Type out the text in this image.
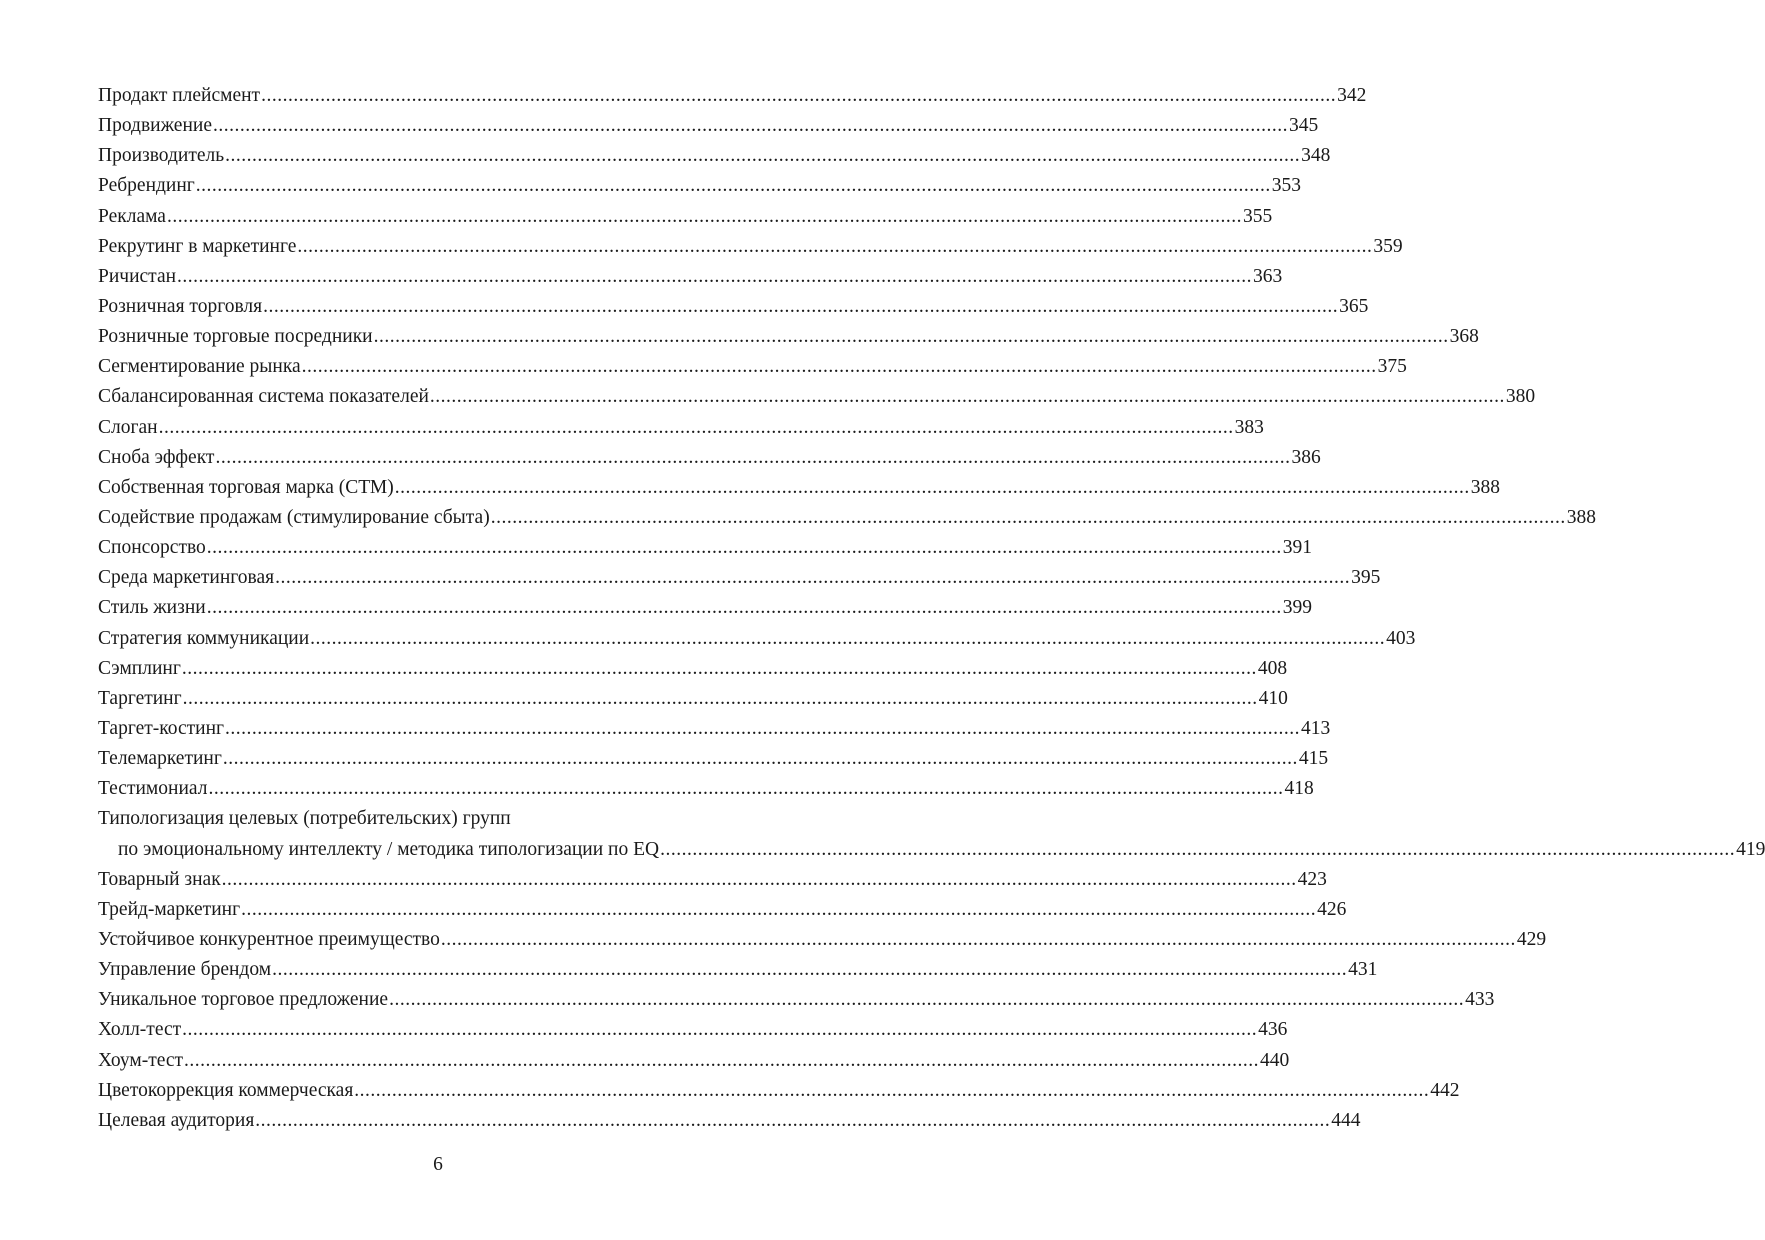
Продакт плейсмент ........................................................................................................................................................................................................ 342
Продвижение ........................................................................................................................................................................................................ 345
Производитель ........................................................................................................................................................................................................ 348
Ребрендинг ........................................................................................................................................................................................................ 353
Реклама ........................................................................................................................................................................................................ 355
Рекрутинг в маркетинге ........................................................................................................................................................................................................ 359
Ричистан ........................................................................................................................................................................................................ 363
Розничная торговля ........................................................................................................................................................................................................ 365
Розничные торговые посредники ........................................................................................................................................................................................................ 368
Сегментирование рынка ........................................................................................................................................................................................................ 375
Сбалансированная система показателей ........................................................................................................................................................................................................ 380
Слоган ........................................................................................................................................................................................................ 383
Сноба эффект ........................................................................................................................................................................................................ 386
Собственная торговая марка (СТМ) ........................................................................................................................................................................................................ 388
Содействие продажам (стимулирование сбыта) ........................................................................................................................................................................................................ 388
Спонсорство ........................................................................................................................................................................................................ 391
Среда маркетинговая ........................................................................................................................................................................................................ 395
Стиль жизни ........................................................................................................................................................................................................ 399
Стратегия коммуникации ........................................................................................................................................................................................................ 403
Сэмплинг ........................................................................................................................................................................................................ 408
Таргетинг ........................................................................................................................................................................................................ 410
Таргет-костинг ........................................................................................................................................................................................................ 413
Телемаркетинг ........................................................................................................................................................................................................ 415
Тестимониал ........................................................................................................................................................................................................ 418
Типологизация целевых (потребительских) групп
по эмоциональному интеллекту / методика типологизации по EQ ........................................................................................................................................................................................................ 419
Товарный знак ........................................................................................................................................................................................................ 423
Трейд-маркетинг ........................................................................................................................................................................................................ 426
Устойчивое конкурентное преимущество ........................................................................................................................................................................................................ 429
Управление брендом ........................................................................................................................................................................................................ 431
Уникальное торговое предложение ........................................................................................................................................................................................................ 433
Холл-тест ........................................................................................................................................................................................................ 436
Хоум-тест ........................................................................................................................................................................................................ 440
Цветокоррекция коммерческая ........................................................................................................................................................................................................ 442
Целевая аудитория ........................................................................................................................................................................................................ 444
6
